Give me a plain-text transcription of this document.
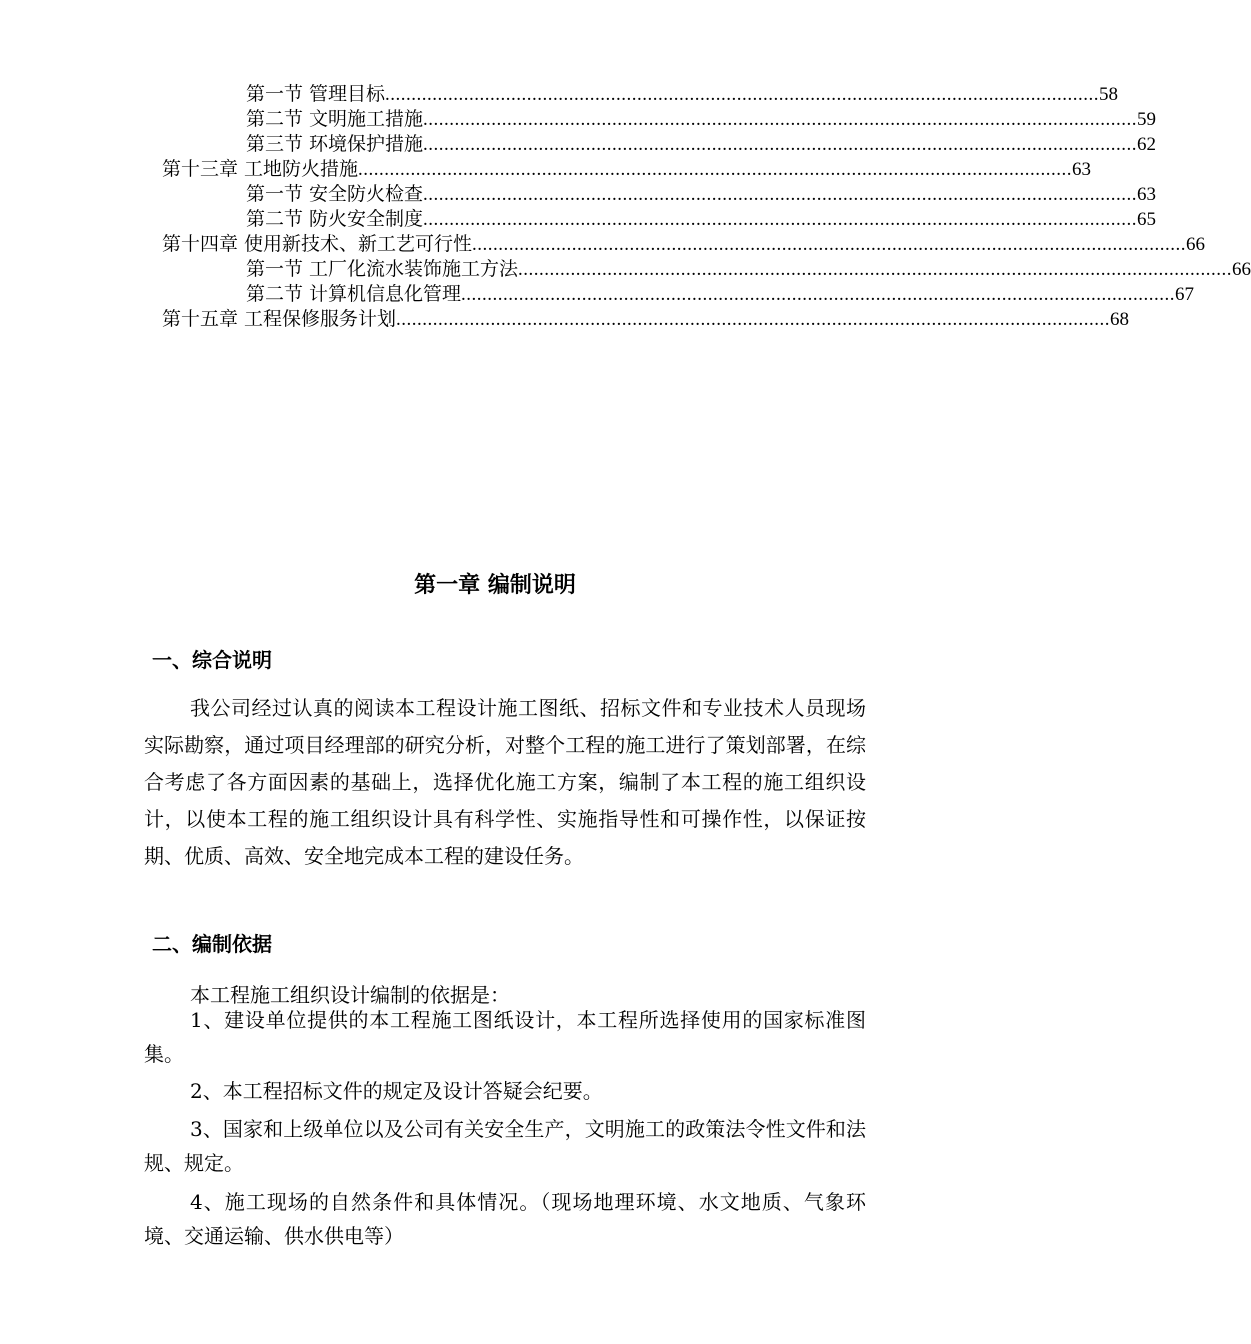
第一节 管理目标 ........................................................................................................................................ 58
第二节 文明施工措施 ........................................................................................................................................ 59
第三节 环境保护措施 ........................................................................................................................................ 62
第十三章 工地防火措施 ........................................................................................................................................ 63
第一节 安全防火检查 ........................................................................................................................................ 63
第二节 防火安全制度 ........................................................................................................................................ 65
第十四章 使用新技术、新工艺可行性 ........................................................................................................................................ 66
第一节 工厂化流水装饰施工方法 ........................................................................................................................................ 66
第二节 计算机信息化管理 ........................................................................................................................................ 67
第十五章 工程保修服务计划 ........................................................................................................................................ 68
第一章 编制说明
一、综合说明
我公司经过认真的阅读本工程设计施工图纸、招标文件和专业技术人员现场实际勘察，通过项目经理部的研究分析，对整个工程的施工进行了策划部署，在综合考虑了各方面因素的基础上，选择优化施工方案，编制了本工程的施工组织设计，以使本工程的施工组织设计具有科学性、实施指导性和可操作性，以保证按期、优质、高效、安全地完成本工程的建设任务。
二、编制依据
本工程施工组织设计编制的依据是：
1、建设单位提供的本工程施工图纸设计，本工程所选择使用的国家标准图集。
2、本工程招标文件的规定及设计答疑会纪要。
3、国家和上级单位以及公司有关安全生产，文明施工的政策法令性文件和法规、规定。
4、施工现场的自然条件和具体情况。（现场地理环境、水文地质、气象环境、交通运输、供水供电等）
